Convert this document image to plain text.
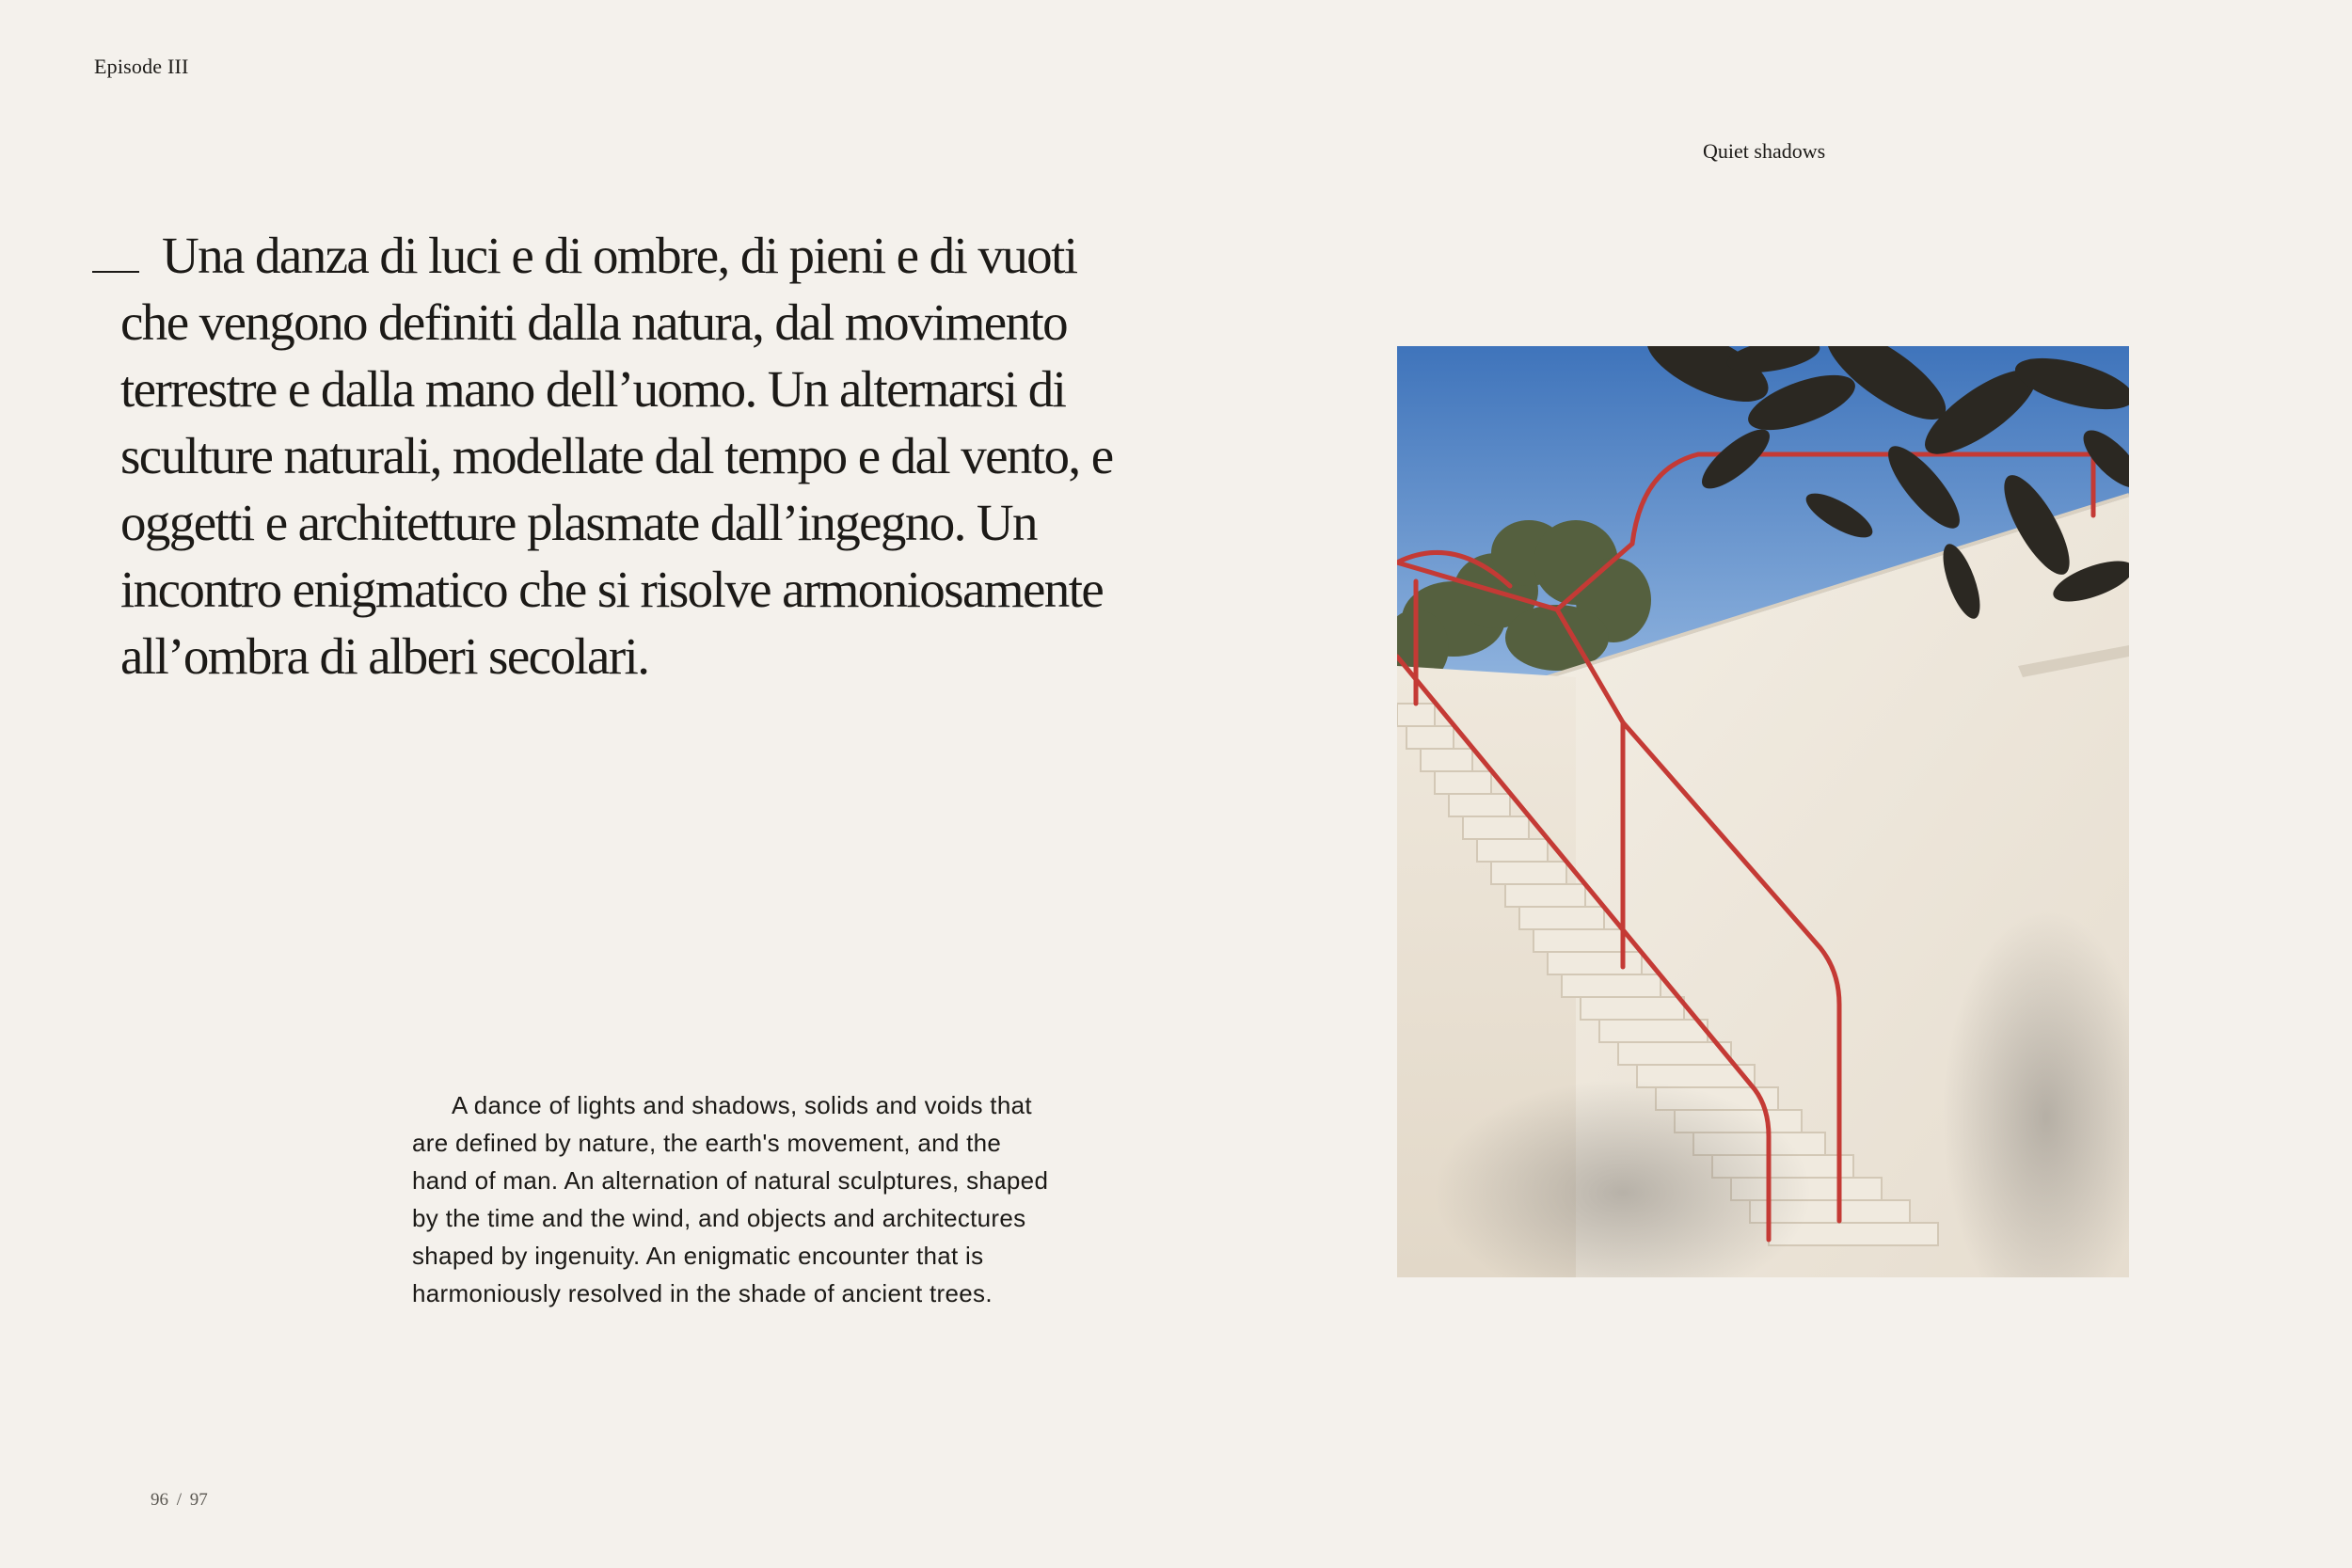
Episode III
Quiet shadows

Una danza di luci e di ombre, di pieni e di vuoti che vengono definiti dalla natura, dal movimento terrestre e dalla mano dell’uomo. Un alternarsi di sculture naturali, modellate dal tempo e dal vento, e oggetti e architetture plasmate dall’ingegno. Un incontro enigmatico che si risolve armoniosamente all’ombra di alberi secolari.

A dance of lights and shadows, solids and voids that are defined by nature, the earth's movement, and the hand of man. An alternation of natural sculptures, shaped by the time and the wind, and objects and architectures shaped by ingenuity. An enigmatic encounter that is harmoniously resolved in the shade of ancient trees.

96 / 97
